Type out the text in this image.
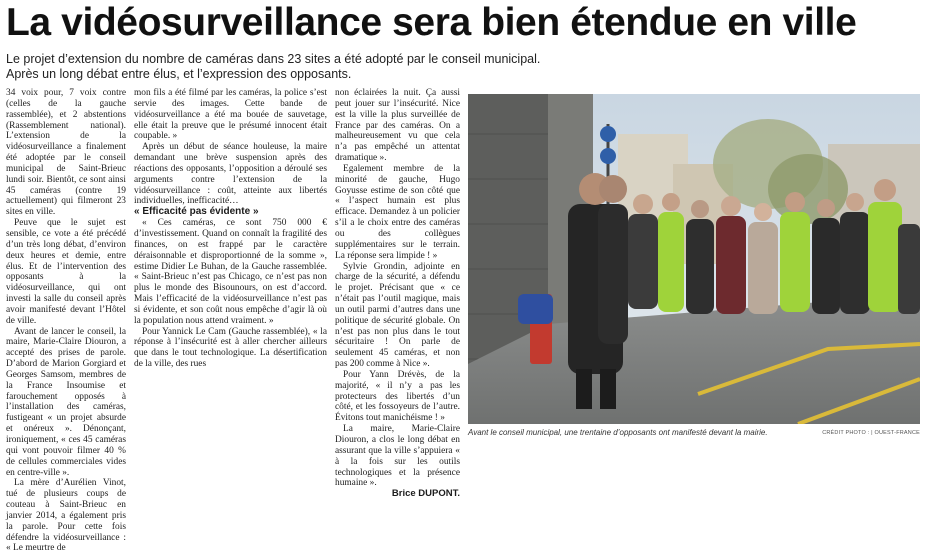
La vidéosurveillance sera bien étendue en ville
Le projet d’extension du nombre de caméras dans 23 sites a été adopté par le conseil municipal.
Après un long débat entre élus, et l’expression des opposants.

34 voix pour, 7 voix contre (celles de la gauche rassemblée), et 2 abstentions (Rassemblement national). L’extension de la vidéosurveillance a finalement été adoptée par le conseil municipal de Saint-Brieuc lundi soir. Bientôt, ce sont ainsi 45 caméras (contre 19 actuellement) qui filmeront 23 sites en ville.

Peuve que le sujet est sensible, ce vote a été précédé d’un très long débat, d’environ deux heures et demie, entre élus. Et de l’intervention des opposants à la vidéosurveillance, qui ont investi la salle du conseil après avoir manifesté devant l’Hôtel de ville.

Avant de lancer le conseil, la maire, Marie-Claire Diouron, a accepté des prises de parole. D’abord de Marion Gorgiard et Georges Samsom, membres de la France Insoumise et farouchement opposés à l’installation des caméras, fustigeant « un projet absurde et onéreux ». Dénonçant, ironiquement, « ces 45 caméras qui vont pouvoir filmer 40 % de cellules commerciales vides en centre-ville ».

La mère d’Aurélien Vinot, tué de plusieurs coups de couteau à Saint-Brieuc en janvier 2014, a également pris la parole. Pour cette fois défendre la vidéosurveillance : « Le meurtre de

mon fils a été filmé par les caméras, la police s’est servie des images. Cette bande de vidéosurveillance a été ma bouée de sauvetage, elle était la preuve que le présumé innocent était coupable. »

Après un début de séance houleuse, la maire demandant une brève suspension après des réactions des opposants, l’opposition a déroulé ses arguments contre l’extension de la vidéosurveillance : coût, atteinte aux libertés individuelles, inefficacité…

« Efficacité pas évidente »

« Ces caméras, ce sont 750 000 € d’investissement. Quand on connaît la fragilité des finances, on est frappé par le caractère déraisonnable et disproportionné de la somme », estime Didier Le Buhan, de la Gauche rassemblée. « Saint-Brieuc n’est pas Chicago, ce n’est pas non plus le monde des Bisounours, on est d’accord. Mais l’efficacité de la vidéosurveillance n’est pas si évidente, et son coût nous empêche d’agir là où la population nous attend vraiment. »

Pour Yannick Le Cam (Gauche rassemblée), « la réponse à l’insécurité est à aller chercher ailleurs que dans le tout technologique. La désertification de la ville, des rues

non éclairées la nuit. Ça aussi peut jouer sur l’insécurité. Nice est la ville la plus surveillée de France par des caméras. On a malheureusement vu que cela n’a pas empêché un attentat dramatique ».

Egalement membre de la minorité de gauche, Hugo Goyusse estime de son côté que « l’aspect humain est plus efficace. Demandez à un policier s’il a le choix entre des caméras ou des collègues supplémentaires sur le terrain. La réponse sera limpide ! »

Sylvie Grondin, adjointe en charge de la sécurité, a défendu le projet. Précisant que « ce n’était pas l’outil magique, mais un outil parmi d’autres dans une politique de sécurité globale. On n’est pas non plus dans le tout sécuritaire ! On parle de seulement 45 caméras, et non pas 200 comme à Nice ».

Pour Yann Drévès, de la majorité, « il n’y a pas les protecteurs des libertés d’un côté, et les fossoyeurs de l’autre. Évitons tout manichéisme ! »

La maire, Marie-Claire Diouron, a clos le long débat en assurant que la ville s’appuiera « à la fois sur les outils technologiques et la présence humaine ».

Brice DUPONT.

Avant le conseil municipal, une trentaine d’opposants ont manifesté devant la mairie.	CRÉDIT PHOTO : | OUEST-FRANCE
